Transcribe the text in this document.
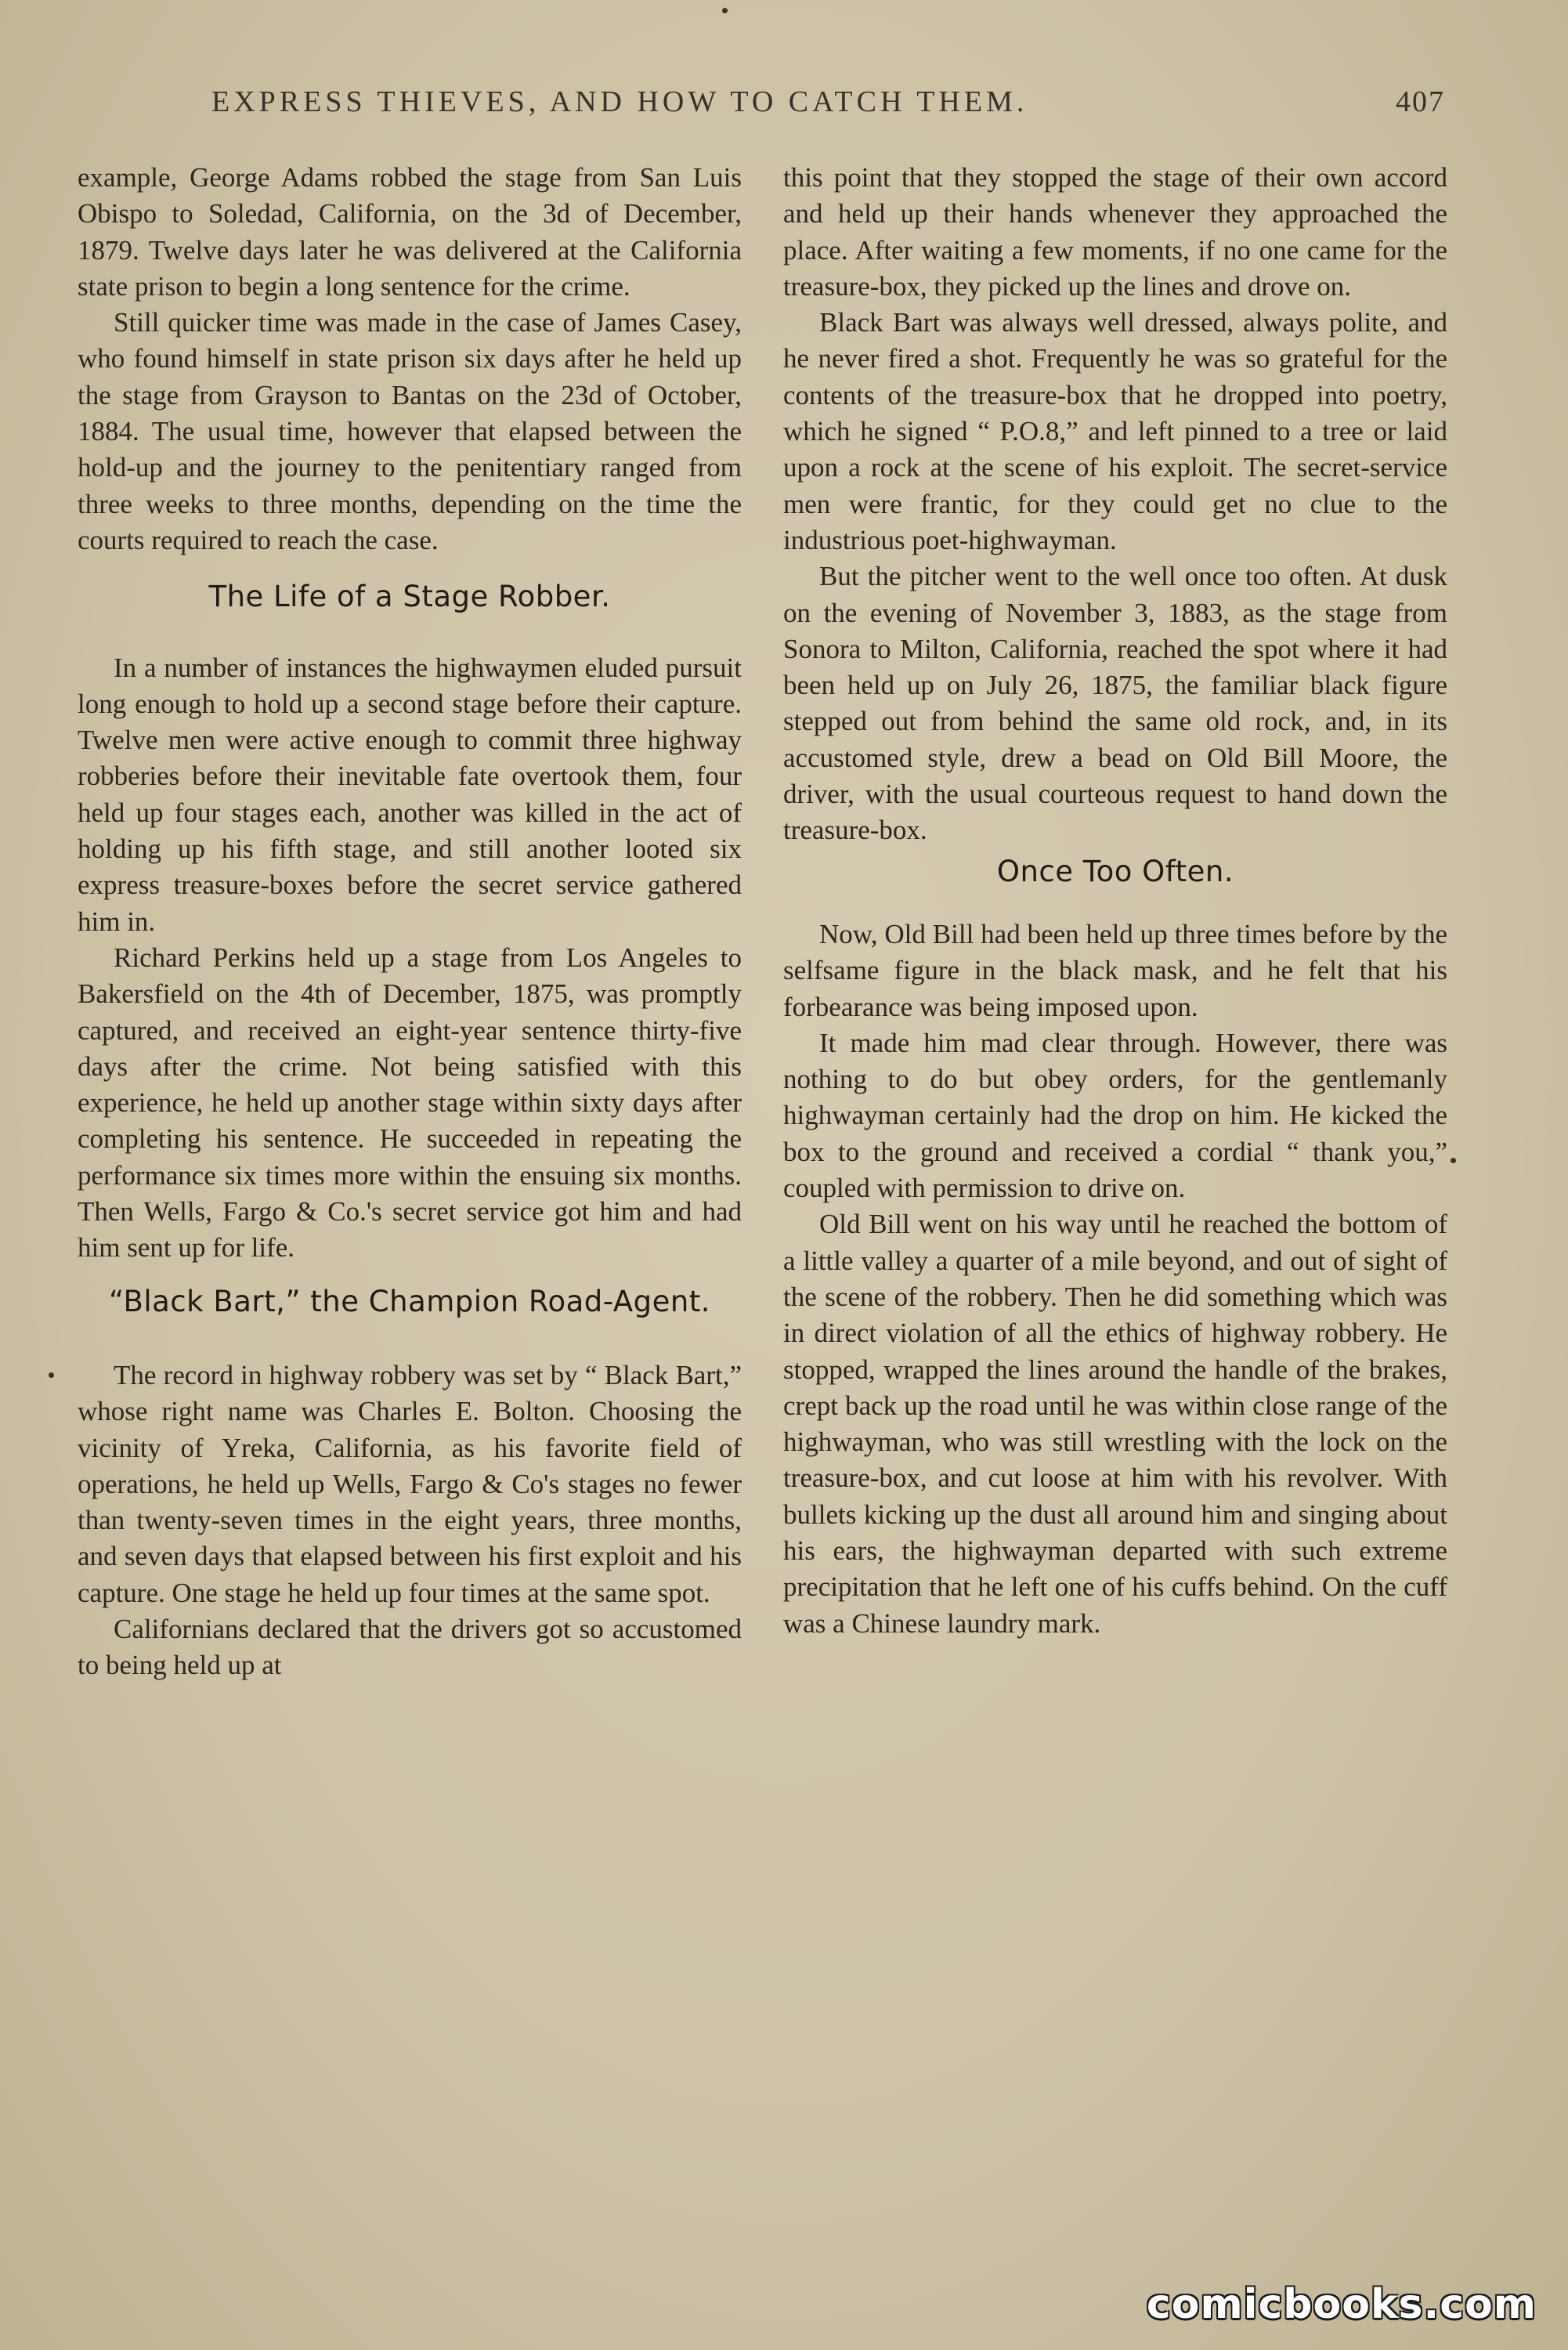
EXPRESS THIEVES, AND HOW TO CATCH THEM.	407

example, George Adams robbed the stage from San Luis Obispo to Soledad, California, on the 3d of December, 1879. Twelve days later he was delivered at the California state prison to begin a long sentence for the crime.

Still quicker time was made in the case of James Casey, who found himself in state prison six days after he held up the stage from Grayson to Bantas on the 23d of October, 1884. The usual time, however that elapsed between the hold-up and the journey to the penitentiary ranged from three weeks to three months, depending on the time the courts required to reach the case.

The Life of a Stage Robber.

In a number of instances the highwaymen eluded pursuit long enough to hold up a second stage before their capture. Twelve men were active enough to commit three highway robberies before their inevitable fate overtook them, four held up four stages each, another was killed in the act of holding up his fifth stage, and still another looted six express treasure-boxes before the secret service gathered him in.

Richard Perkins held up a stage from Los Angeles to Bakersfield on the 4th of December, 1875, was promptly captured, and received an eight-year sentence thirty-five days after the crime. Not being satisfied with this experience, he held up another stage within sixty days after completing his sentence. He succeeded in repeating the performance six times more within the ensuing six months. Then Wells, Fargo & Co.'s secret service got him and had him sent up for life.

“Black Bart,” the Champion Road-Agent.

The record in highway robbery was set by “ Black Bart,” whose right name was Charles E. Bolton. Choosing the vicinity of Yreka, California, as his favorite field of operations, he held up Wells, Fargo & Co's stages no fewer than twenty-seven times in the eight years, three months, and seven days that elapsed between his first exploit and his capture. One stage he held up four times at the same spot.

Californians declared that the drivers got so accustomed to being held up at

this point that they stopped the stage of their own accord and held up their hands whenever they approached the place. After waiting a few moments, if no one came for the treasure-box, they picked up the lines and drove on.

Black Bart was always well dressed, always polite, and he never fired a shot. Frequently he was so grateful for the contents of the treasure-box that he dropped into poetry, which he signed “ P.O.8,” and left pinned to a tree or laid upon a rock at the scene of his exploit. The secret-service men were frantic, for they could get no clue to the industrious poet-highwayman.

But the pitcher went to the well once too often. At dusk on the evening of November 3, 1883, as the stage from Sonora to Milton, California, reached the spot where it had been held up on July 26, 1875, the familiar black figure stepped out from behind the same old rock, and, in its accustomed style, drew a bead on Old Bill Moore, the driver, with the usual courteous request to hand down the treasure-box.

Once Too Often.

Now, Old Bill had been held up three times before by the selfsame figure in the black mask, and he felt that his forbearance was being imposed upon.

It made him mad clear through. However, there was nothing to do but obey orders, for the gentlemanly highwayman certainly had the drop on him. He kicked the box to the ground and received a cordial “ thank you,” coupled with permission to drive on.

Old Bill went on his way until he reached the bottom of a little valley a quarter of a mile beyond, and out of sight of the scene of the robbery. Then he did something which was in direct violation of all the ethics of highway robbery. He stopped, wrapped the lines around the handle of the brakes, crept back up the road until he was within close range of the highwayman, who was still wrestling with the lock on the treasure-box, and cut loose at him with his revolver. With bullets kicking up the dust all around him and singing about his ears, the highwayman departed with such extreme precipitation that he left one of his cuffs behind. On the cuff was a Chinese laundry mark.

comicbooks.com
